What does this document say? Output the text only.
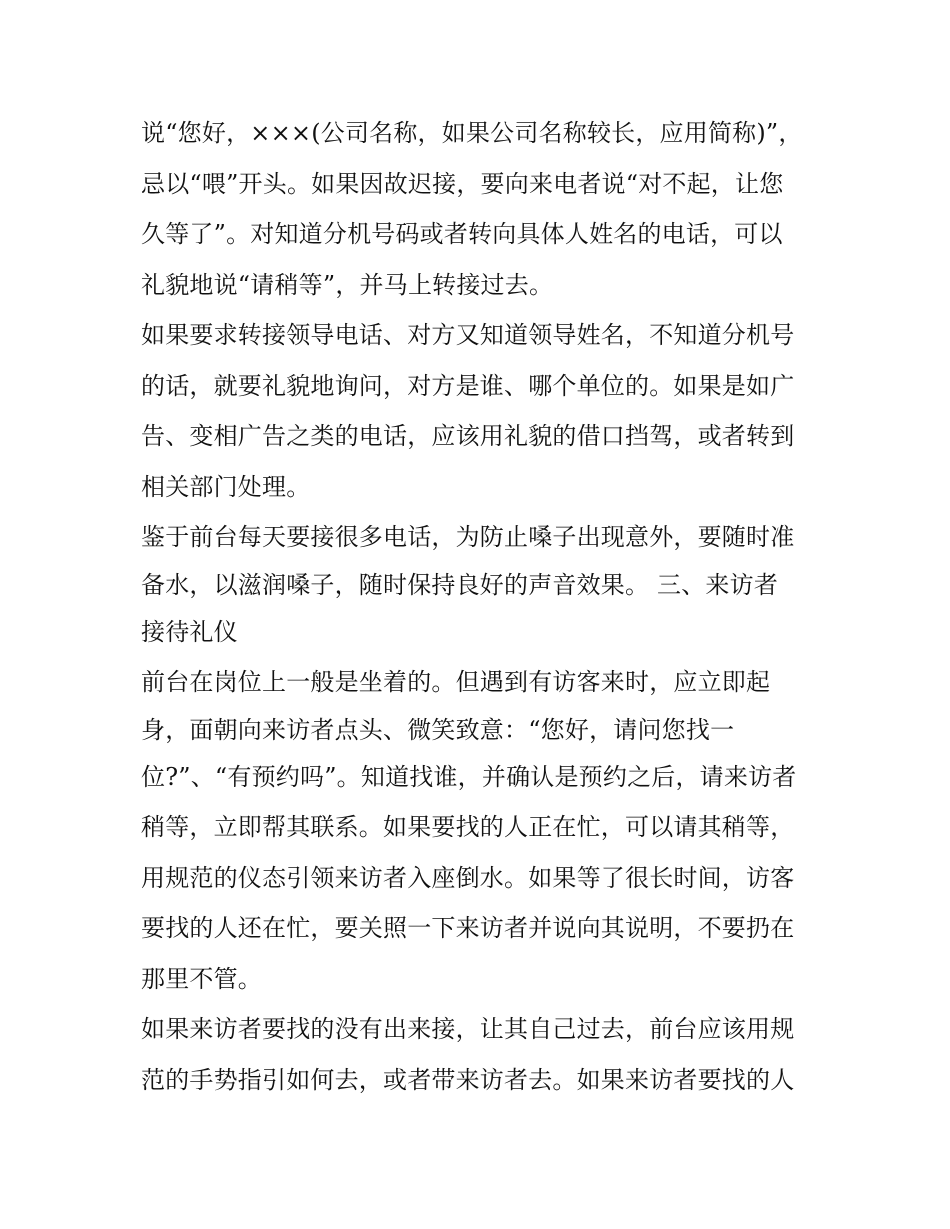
说“您好，×××(公司名称，如果公司名称较长，应用简称)”，
忌以“喂”开头。如果因故迟接，要向来电者说“对不起，让您
久等了”。对知道分机号码或者转向具体人姓名的电话，可以
礼貌地说“请稍等”，并马上转接过去。
如果要求转接领导电话、对方又知道领导姓名，不知道分机号
的话，就要礼貌地询问，对方是谁、哪个单位的。如果是如广
告、变相广告之类的电话，应该用礼貌的借口挡驾，或者转到
相关部门处理。
鉴于前台每天要接很多电话，为防止嗓子出现意外，要随时准
备水，以滋润嗓子，随时保持良好的声音效果。 三、来访者
接待礼仪
前台在岗位上一般是坐着的。但遇到有访客来时，应立即起
身，面朝向来访者点头、微笑致意：“您好，请问您找一
位?”、“有预约吗”。知道找谁，并确认是预约之后，请来访者
稍等，立即帮其联系。如果要找的人正在忙，可以请其稍等，
用规范的仪态引领来访者入座倒水。如果等了很长时间，访客
要找的人还在忙，要关照一下来访者并说向其说明，不要扔在
那里不管。
如果来访者要找的没有出来接，让其自己过去，前台应该用规
范的手势指引如何去，或者带来访者去。如果来访者要找的人
